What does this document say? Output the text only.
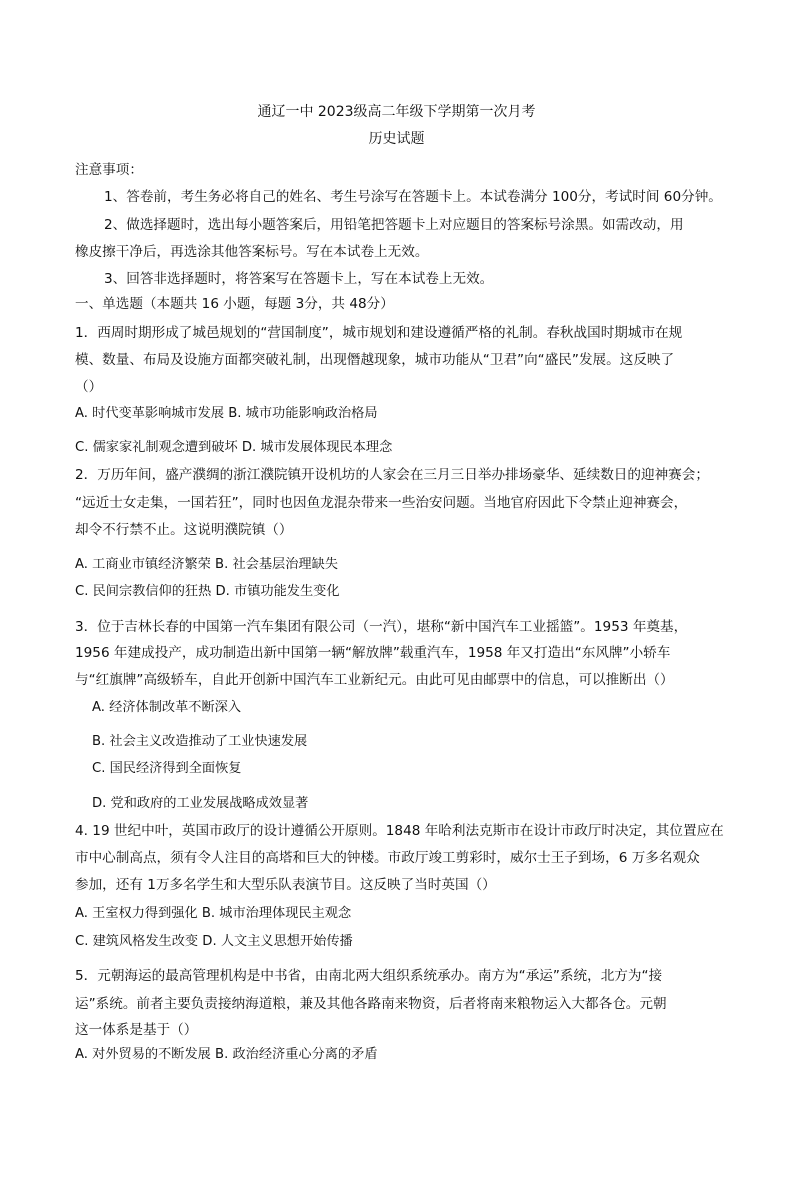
通辽一中 2023级高二年级下学期第一次月考
历史试题
注意事项：
1、答卷前，考生务必将自己的姓名、考生号涂写在答题卡上。本试卷满分 100分，考试时间 60分钟。
2、做选择题时，选出每小题答案后，用铅笔把答题卡上对应题目的答案标号涂黑。如需改动，用
橡皮擦干净后，再选涂其他答案标号。写在本试卷上无效。
3、回答非选择题时，将答案写在答题卡上，写在本试卷上无效。
一、单选题（本题共 16 小题，每题 3分，共 48分）
1．西周时期形成了城邑规划的“营国制度”，城市规划和建设遵循严格的礼制。春秋战国时期城市在规
模、数量、布局及设施方面都突破礼制，出现僭越现象，城市功能从“卫君”向“盛民”发展。这反映了
（）
A. 时代变革影响城市发展 B. 城市功能影响政治格局
C. 儒家家礼制观念遭到破坏 D. 城市发展体现民本理念
2．万历年间，盛产濮绸的浙江濮院镇开设机坊的人家会在三月三日举办排场豪华、延续数日的迎神赛会；
“远近士女走集，一国若狂”，同时也因鱼龙混杂带来一些治安问题。当地官府因此下令禁止迎神赛会，
却令不行禁不止。这说明濮院镇（）
A. 工商业市镇经济繁荣 B. 社会基层治理缺失
C. 民间宗教信仰的狂热 D. 市镇功能发生变化
3．位于吉林长春的中国第一汽车集团有限公司（一汽），堪称“新中国汽车工业摇篮”。1953 年奠基，
1956 年建成投产，成功制造出新中国第一辆“解放牌”载重汽车，1958 年又打造出“东风牌”小轿车
与“红旗牌”高级轿车，自此开创新中国汽车工业新纪元。由此可见由邮票中的信息，可以推断出（）
A. 经济体制改革不断深入
B. 社会主义改造推动了工业快速发展
C. 国民经济得到全面恢复
D. 党和政府的工业发展战略成效显著
4. 19 世纪中叶，英国市政厅的设计遵循公开原则。1848 年哈利法克斯市在设计市政厅时决定，其位置应在
市中心制高点，须有令人注目的高塔和巨大的钟楼。市政厅竣工剪彩时，威尔士王子到场，6 万多名观众
参加，还有 1万多名学生和大型乐队表演节目。这反映了当时英国（）
A. 王室权力得到强化 B. 城市治理体现民主观念
C. 建筑风格发生改变 D. 人文主义思想开始传播
5．元朝海运的最高管理机构是中书省，由南北两大组织系统承办。南方为“承运”系统，北方为“接
运”系统。前者主要负责接纳海道粮，兼及其他各路南来物资，后者将南来粮物运入大都各仓。元朝
这一体系是基于（）
A. 对外贸易的不断发展 B. 政治经济重心分离的矛盾
